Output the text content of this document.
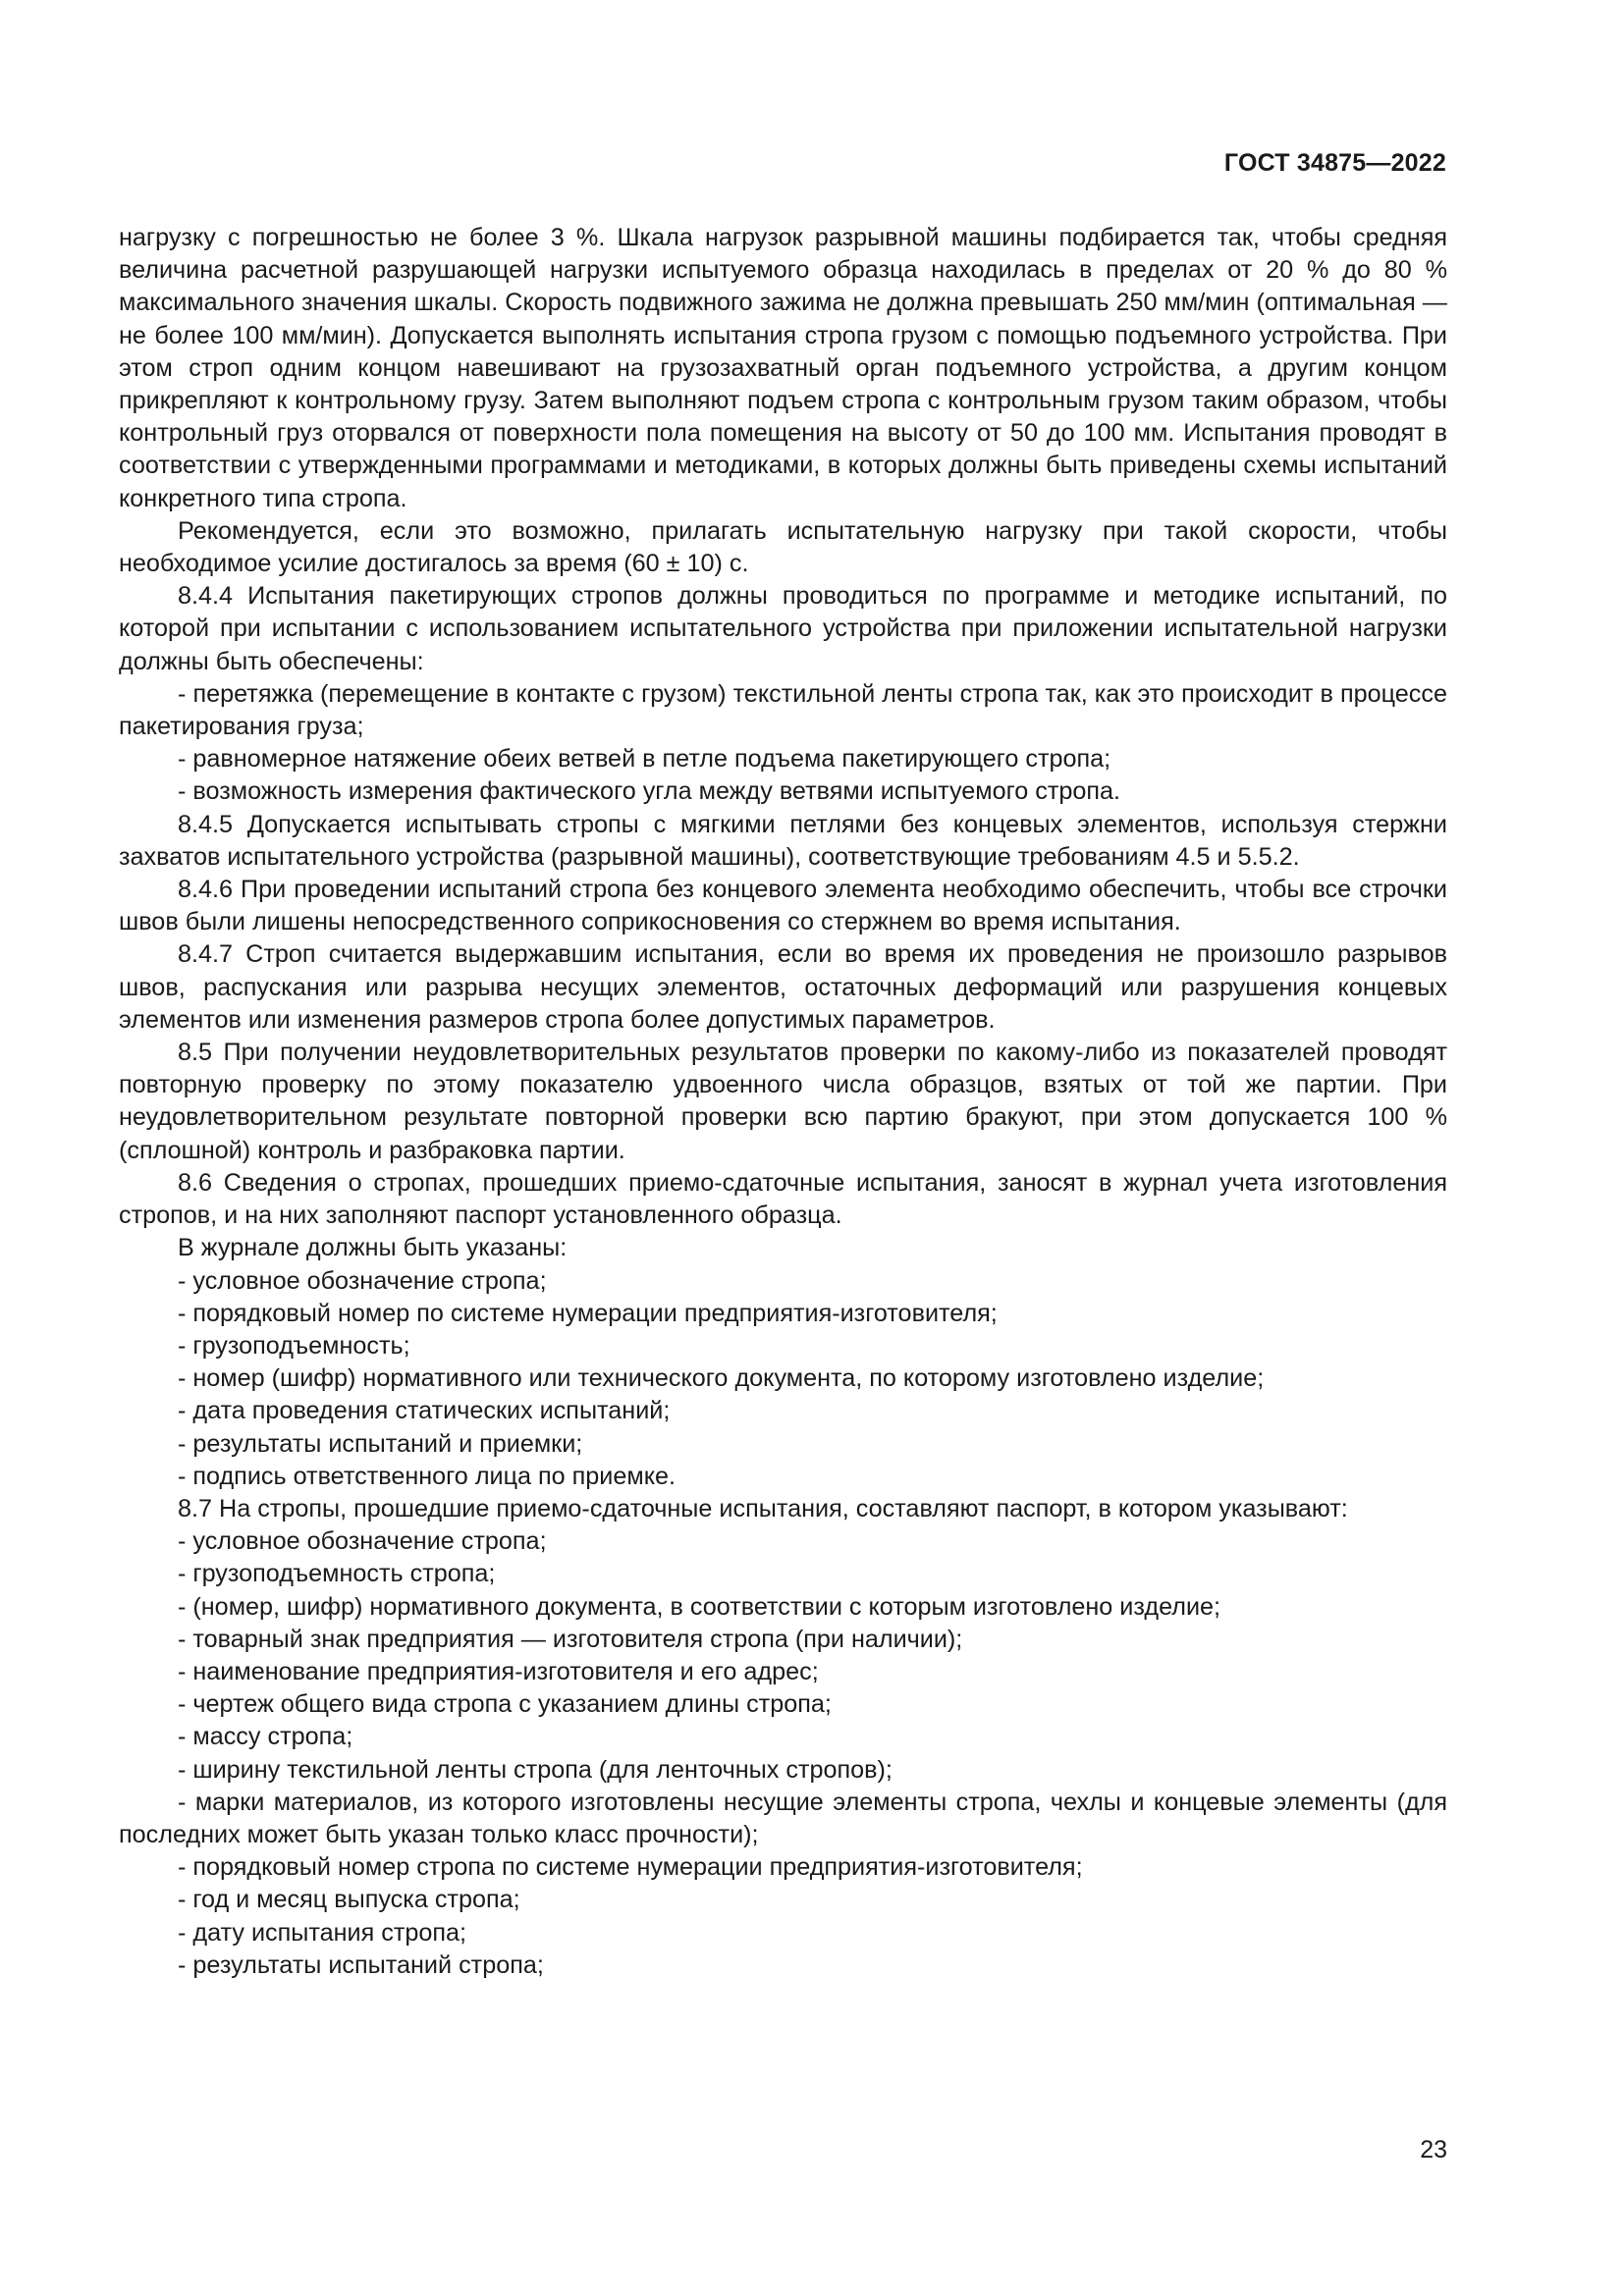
ГОСТ 34875—2022

нагрузку с погрешностью не более 3 %. Шкала нагрузок разрывной машины подбирается так, чтобы средняя величина расчетной разрушающей нагрузки испытуемого образца находилась в пределах от 20 % до 80 % максимального значения шкалы. Скорость подвижного зажима не должна превышать 250 мм/мин (оптимальная — не более 100 мм/мин). Допускается выполнять испытания стропа грузом с помощью подъемного устройства. При этом строп одним концом навешивают на грузозахватный орган подъемного устройства, а другим концом прикрепляют к контрольному грузу. Затем выполняют подъем стропа с контрольным грузом таким образом, чтобы контрольный груз оторвался от поверхности пола помещения на высоту от 50 до 100 мм. Испытания проводят в соответствии с утвержденными программами и методиками, в которых должны быть приведены схемы испытаний конкретного типа стропа.

Рекомендуется, если это возможно, прилагать испытательную нагрузку при такой скорости, чтобы необходимое усилие достигалось за время (60 ± 10) с.

8.4.4 Испытания пакетирующих стропов должны проводиться по программе и методике испытаний, по которой при испытании с использованием испытательного устройства при приложении испытательной нагрузки должны быть обеспечены:

- перетяжка (перемещение в контакте с грузом) текстильной ленты стропа так, как это происходит в процессе пакетирования груза;

- равномерное натяжение обеих ветвей в петле подъема пакетирующего стропа;

- возможность измерения фактического угла между ветвями испытуемого стропа.

8.4.5 Допускается испытывать стропы с мягкими петлями без концевых элементов, используя стержни захватов испытательного устройства (разрывной машины), соответствующие требованиям 4.5 и 5.5.2.

8.4.6 При проведении испытаний стропа без концевого элемента необходимо обеспечить, чтобы все строчки швов были лишены непосредственного соприкосновения со стержнем во время испытания.

8.4.7 Строп считается выдержавшим испытания, если во время их проведения не произошло разрывов швов, распускания или разрыва несущих элементов, остаточных деформаций или разрушения концевых элементов или изменения размеров стропа более допустимых параметров.

8.5 При получении неудовлетворительных результатов проверки по какому-либо из показателей проводят повторную проверку по этому показателю удвоенного числа образцов, взятых от той же партии. При неудовлетворительном результате повторной проверки всю партию бракуют, при этом допускается 100 % (сплошной) контроль и разбраковка партии.

8.6 Сведения о стропах, прошедших приемо-сдаточные испытания, заносят в журнал учета изготовления стропов, и на них заполняют паспорт установленного образца.

В журнале должны быть указаны:

- условное обозначение стропа;

- порядковый номер по системе нумерации предприятия-изготовителя;

- грузоподъемность;

- номер (шифр) нормативного или технического документа, по которому изготовлено изделие;

- дата проведения статических испытаний;

- результаты испытаний и приемки;

- подпись ответственного лица по приемке.

8.7 На стропы, прошедшие приемо-сдаточные испытания, составляют паспорт, в котором указывают:

- условное обозначение стропа;

- грузоподъемность стропа;

- (номер, шифр) нормативного документа, в соответствии с которым изготовлено изделие;

- товарный знак предприятия — изготовителя стропа (при наличии);

- наименование предприятия-изготовителя и его адрес;

- чертеж общего вида стропа с указанием длины стропа;

- массу стропа;

- ширину текстильной ленты стропа (для ленточных стропов);

- марки материалов, из которого изготовлены несущие элементы стропа, чехлы и концевые элементы (для последних может быть указан только класс прочности);

- порядковый номер стропа по системе нумерации предприятия-изготовителя;

- год и месяц выпуска стропа;

- дату испытания стропа;

- результаты испытаний стропа;

23
